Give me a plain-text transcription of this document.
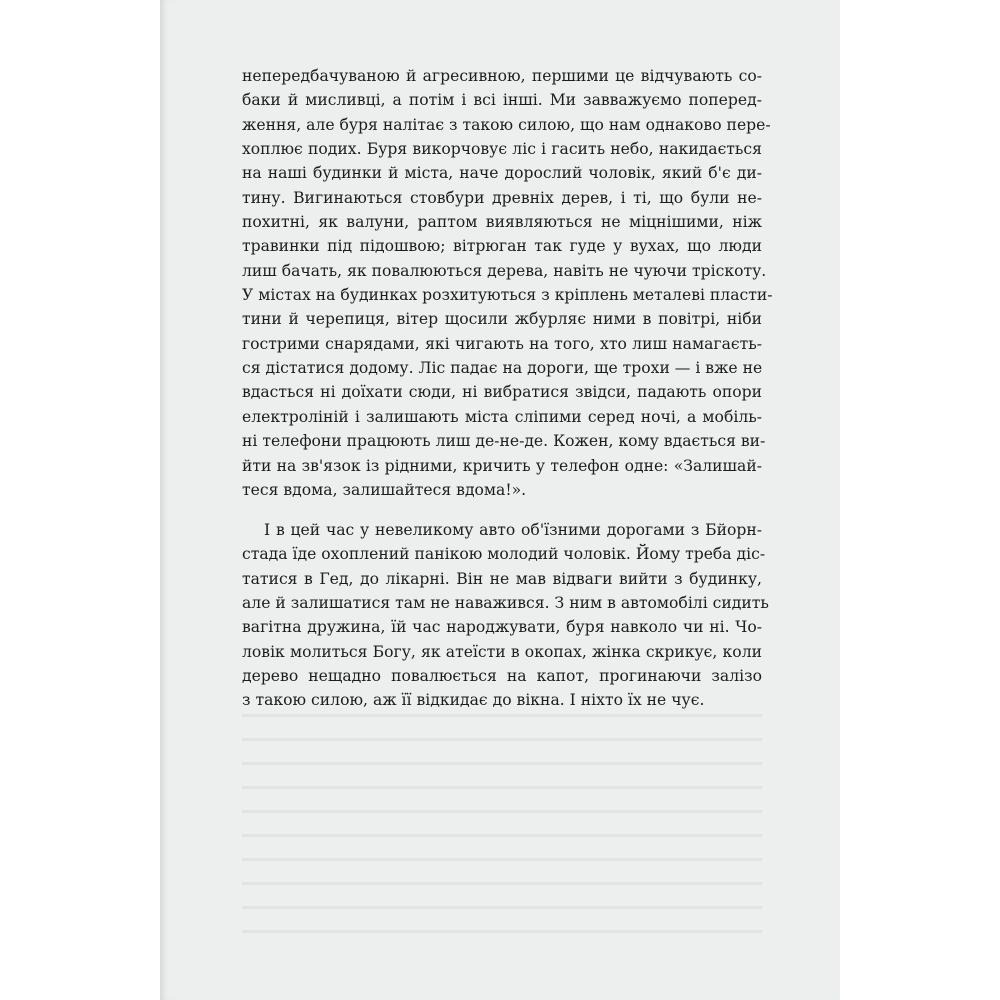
непередбачуваною й агресивною, першими це відчувають со-
баки й мисливці, а потім і всі інші. Ми завважуємо поперед-
ження, але буря налітає з такою силою, що нам однаково пере-
хоплює подих. Буря викорчовує ліс і гасить небо, накидається
на наші будинки й міста, наче дорослий чоловік, який б'є ди-
тину. Вигинаються стовбури древніх дерев, і ті, що були не-
похитні, як валуни, раптом виявляються не міцнішими, ніж
травинки під підошвою; вітрюган так гуде у вухах, що люди
лиш бачать, як повалюються дерева, навіть не чуючи тріскоту.
У містах на будинках розхитуються з кріплень металеві пласти-
тини й черепиця, вітер щосили жбурляє ними в повітрі, ніби
гострими снарядами, які чигають на того, хто лиш намагаєть-
ся дістатися додому. Ліс падає на дороги, ще трохи — і вже не
вдасться ні доїхати сюди, ні вибратися звідси, падають опори
електроліній і залишають міста сліпими серед ночі, а мобіль-
ні телефони працюють лиш де-не-де. Кожен, кому вдається ви-
йти на зв'язок із рідними, кричить у телефон одне: «Залишай-
теся вдома, залишайтеся вдома!».
І в цей час у невеликому авто об'їзними дорогами з Бйорн-
стада їде охоплений панікою молодий чоловік. Йому треба діс-
татися в Гед, до лікарні. Він не мав відваги вийти з будинку,
але й залишатися там не наважився. З ним в автомобілі сидить
вагітна дружина, їй час народжувати, буря навколо чи ні. Чо-
ловік молиться Богу, як атеїсти в окопах, жінка скрикує, коли
дерево нещадно повалюється на капот, прогинаючи залізо
з такою силою, аж її відкидає до вікна. І ніхто їх не чує.
